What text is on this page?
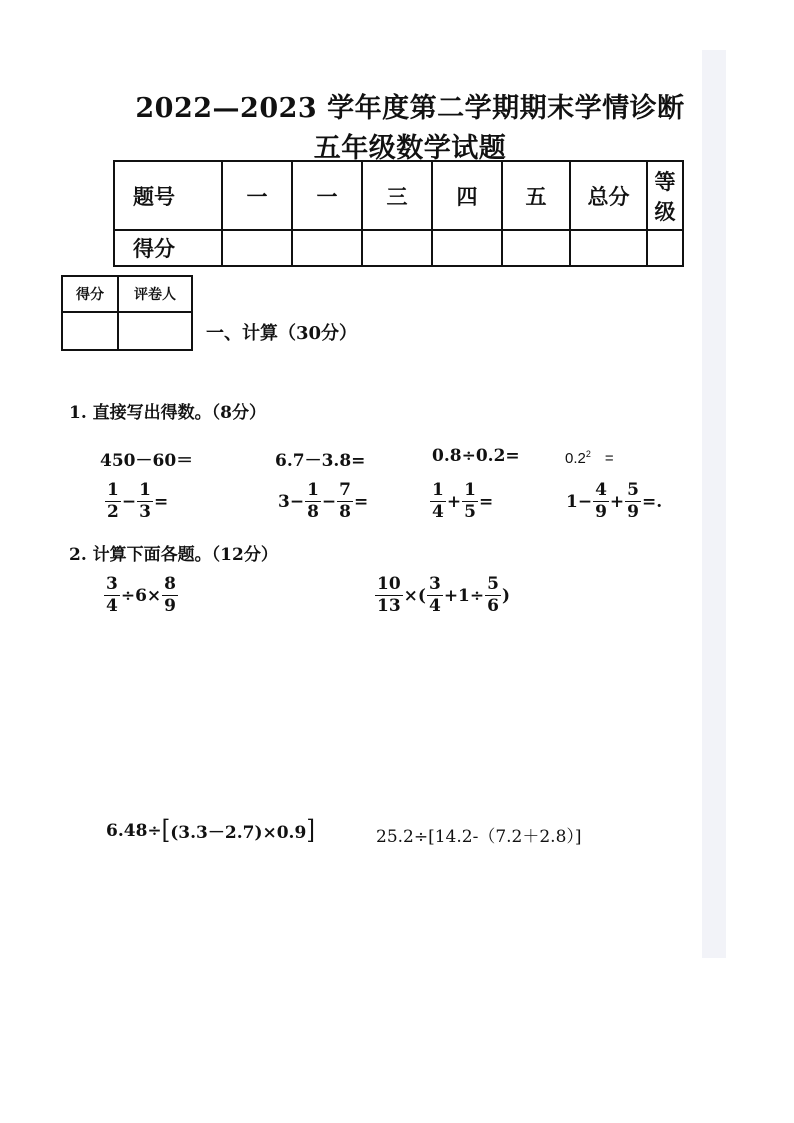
2022—2023 学年度第二学期期末学情诊断
五年级数学试题
题号	一	一	三	四	五	总分	等级
得分							
得分	评卷人

一、计算（30分）
1. 直接写出得数。（8分）
450－60＝	6.7－3.8=	0.8÷0.2=	$0.2^2$ =
$\frac{1}{2} - \frac{1}{3}$ =	$3- \frac{1}{8} - \frac{7}{8}$ =	$\frac{1}{4} + \frac{1}{5}$ =	$1- \frac{4}{9} + \frac{5}{9}$ =.
2. 计算下面各题。（12分）
$\frac{3}{4} \div 6\times \frac{8}{9}$	$\frac{10}{13}$ ×( $\frac{3}{4} +1\div \frac{5}{6}$ )
6.48÷ [ (3.3－2.7)×0.9 ]	25.2÷[14.2-（7.2＋2.8）]
